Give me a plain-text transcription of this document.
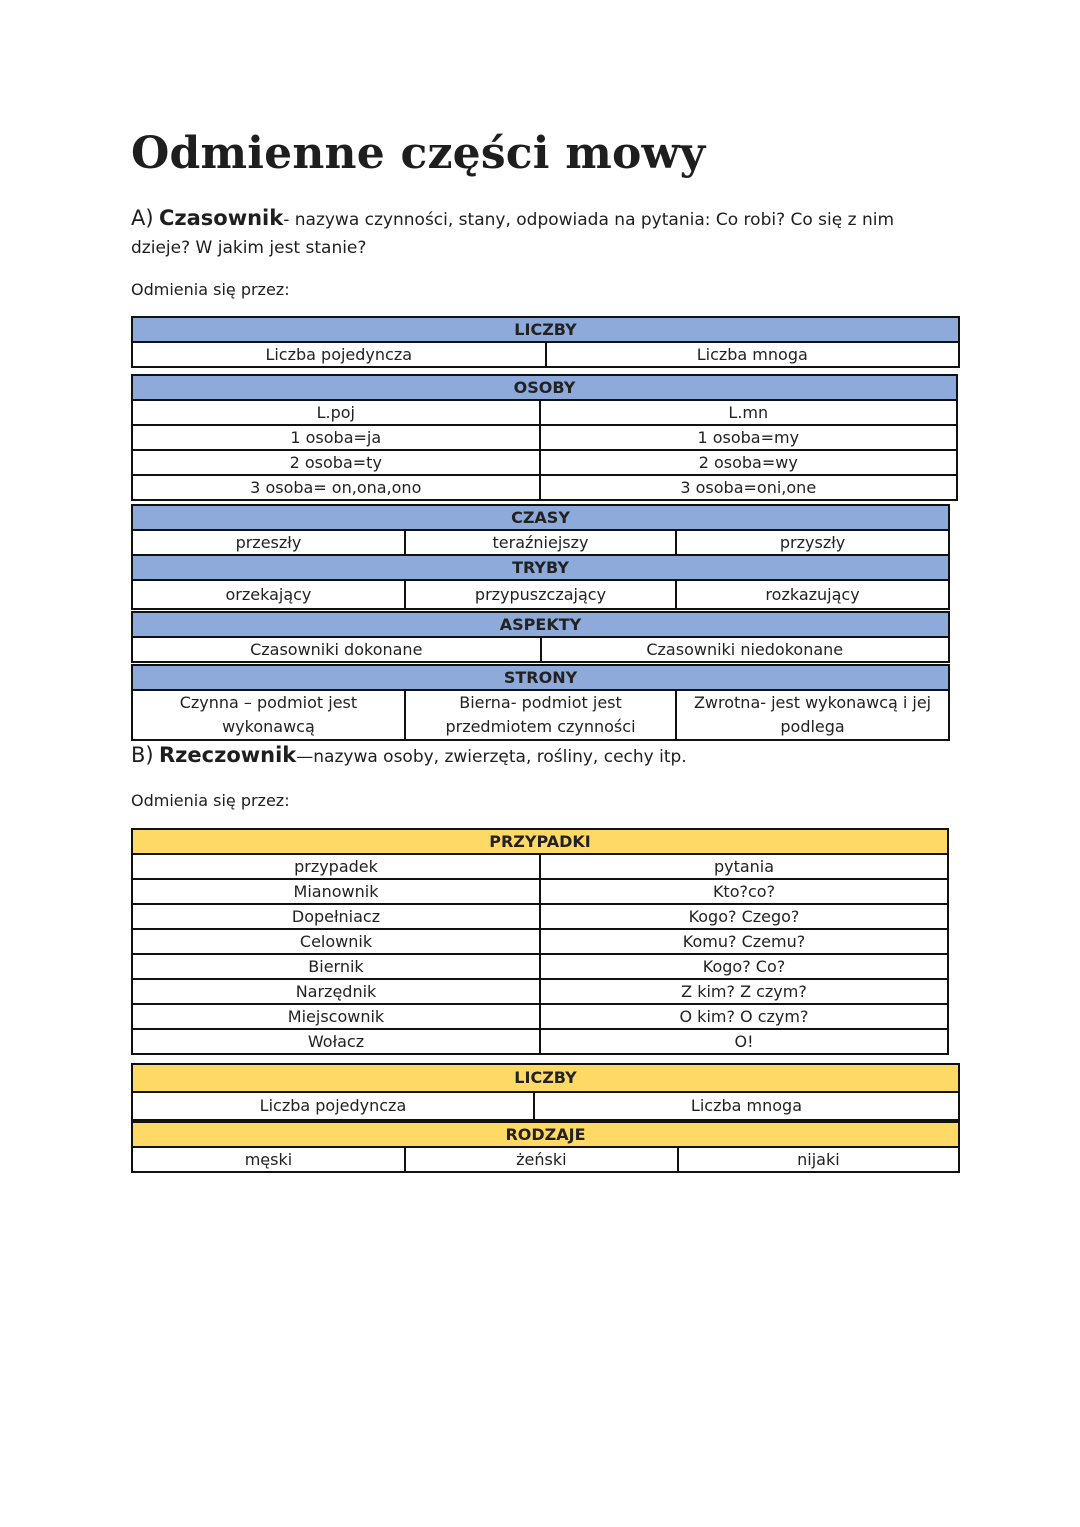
Odmienne części mowy
A) Czasownik- nazywa czynności, stany, odpowiada na pytania: Co robi? Co się z nim dzieje? W jakim jest stanie?
Odmienia się przez:
LICZBY
Liczba pojedyncza	Liczba mnoga
OSOBY	
L.poj	L.mn
1 osoba=ja	1 osoba=my
2 osoba=ty	2 osoba=wy
3 osoba= on,ona,ono	3 osoba=oni,one
CZASY		
przeszły	teraźniejszy	przyszły
TRYBY		
orzekający	przypuszczający	rozkazujący
ASPEKTY
Czasowniki dokonane	Czasowniki niedokonane
STRONY
Czynna – podmiot jest wykonawcą	Bierna- podmiot jest przedmiotem czynności	Zwrotna- jest wykonawcą i jej podlega
B) Rzeczownik—nazywa osoby, zwierzęta, rośliny, cechy itp.
Odmienia się przez:
PRZYPADKI	
przypadek	pytania
Mianownik	Kto?co?
Dopełniacz	Kogo? Czego?
Celownik	Komu? Czemu?
Biernik	Kogo? Co?
Narzędnik	Z kim? Z czym?
Miejscownik	O kim? O czym?
Wołacz	O!
LICZBY
Liczba pojedyncza	Liczba mnoga
RODZAJE
męski	żeński	nijaki
